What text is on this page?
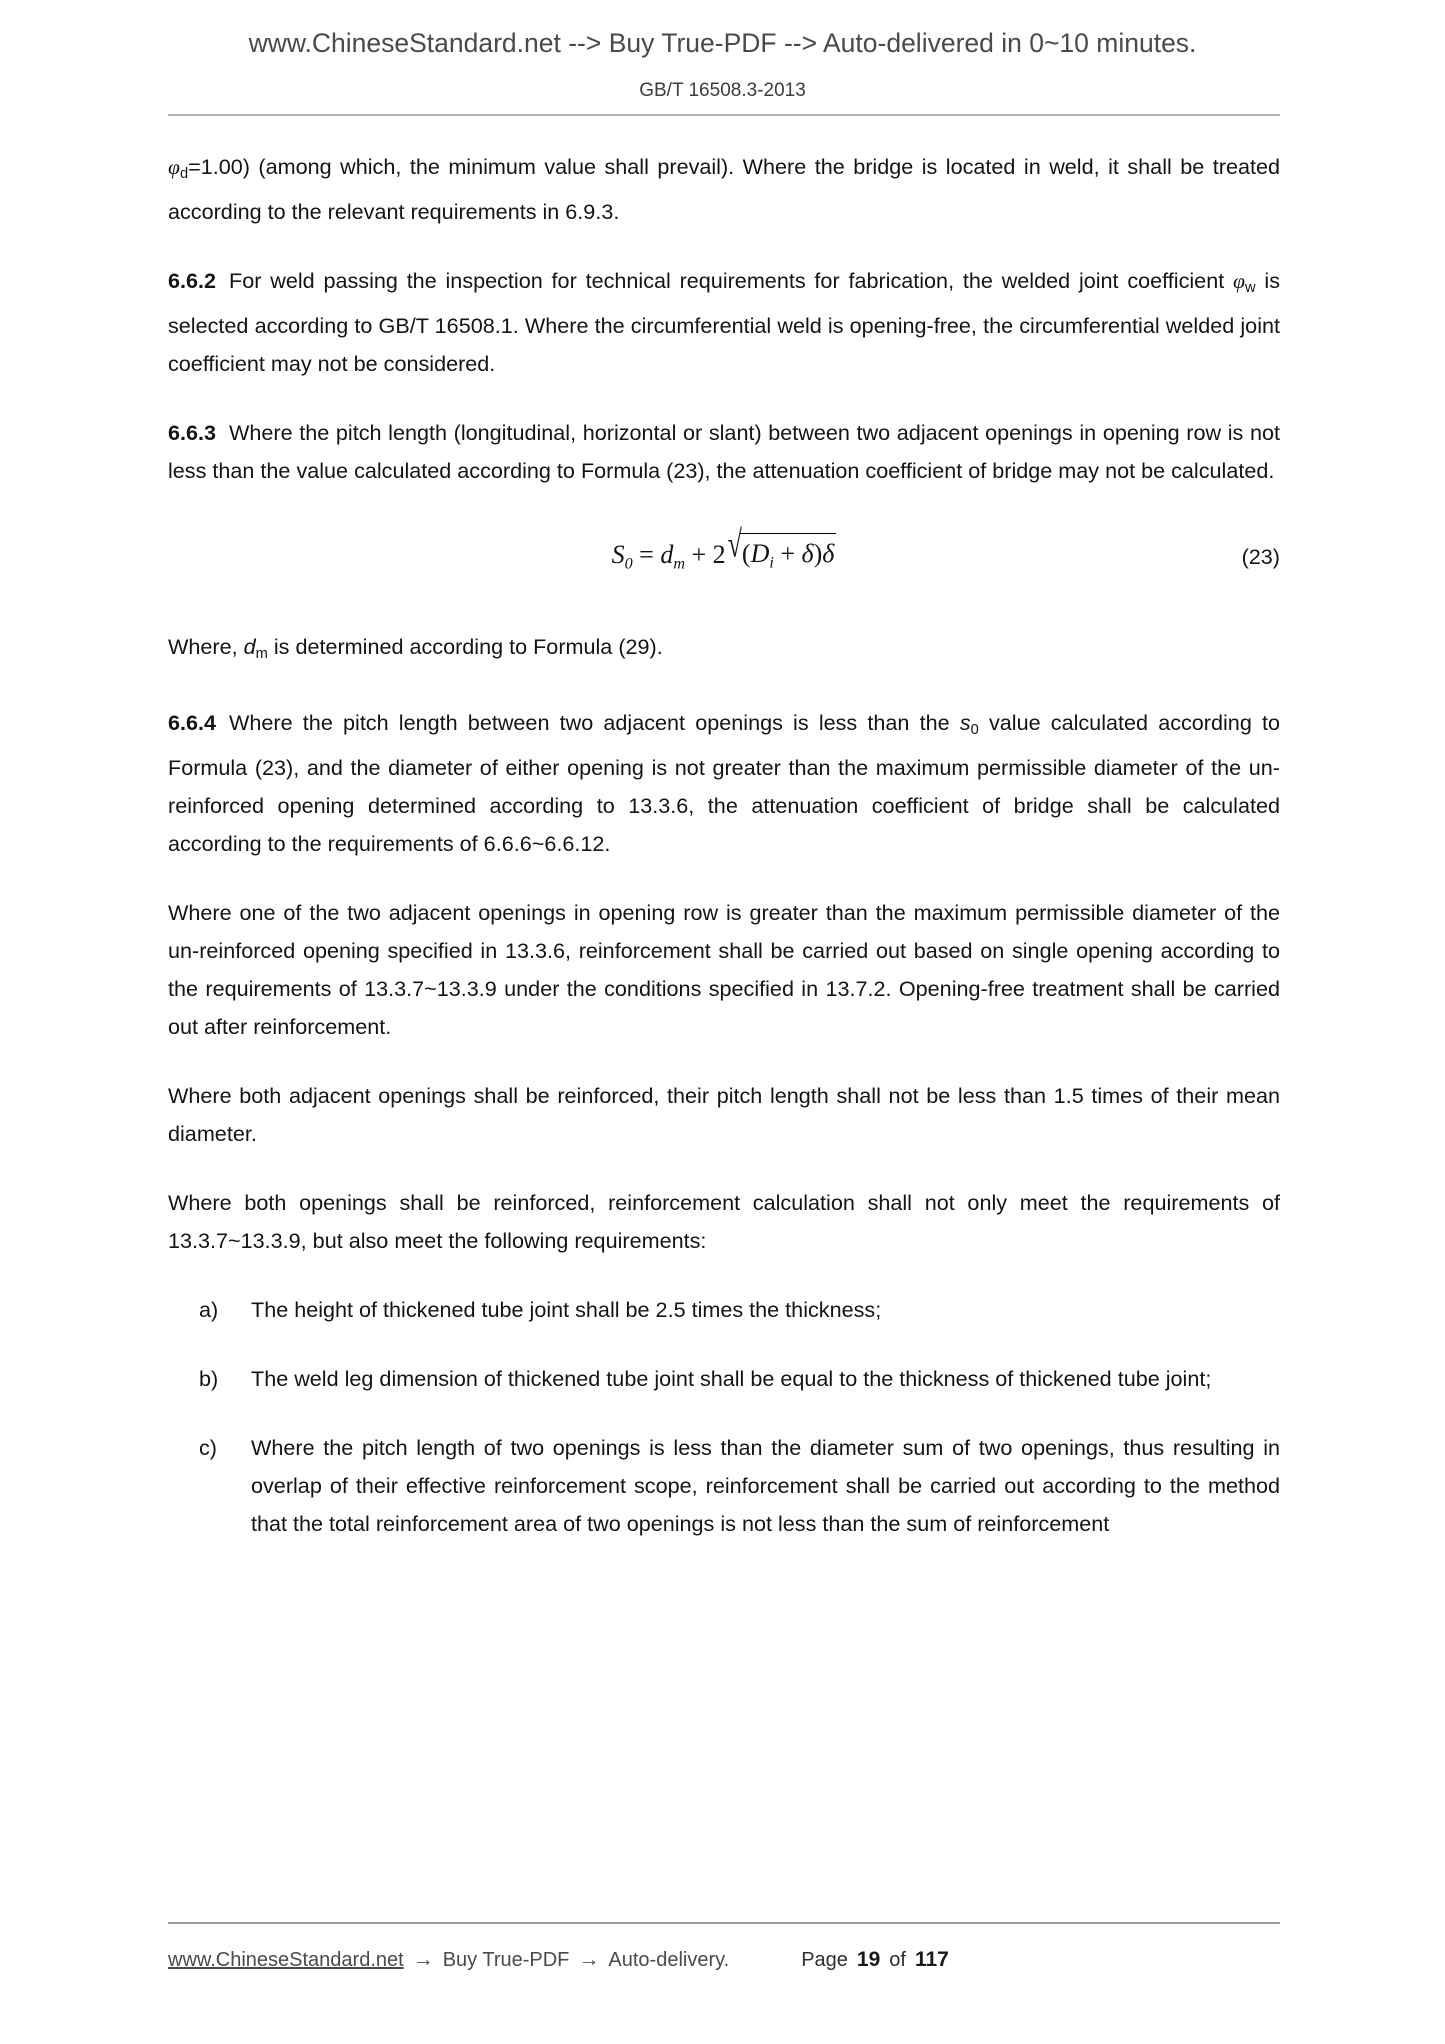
www.ChineseStandard.net --> Buy True-PDF --> Auto-delivered in 0~10 minutes.
GB/T 16508.3-2013

$\varphi_d=1.00$) (among which, the minimum value shall prevail). Where the bridge is located in weld, it shall be treated according to the relevant requirements in 6.9.3.

6.6.2 For weld passing the inspection for technical requirements for fabrication, the welded joint coefficient $\varphi_w$ is selected according to GB/T 16508.1. Where the circumferential weld is opening-free, the circumferential welded joint coefficient may not be considered.

6.6.3 Where the pitch length (longitudinal, horizontal or slant) between two adjacent openings in opening row is not less than the value calculated according to Formula (23), the attenuation coefficient of bridge may not be calculated.

$S_0 = d_m + 2√(D_i + \delta)\delta$	(23)

Where, $d_m$ is determined according to Formula (29).

6.6.4 Where the pitch length between two adjacent openings is less than the $s_0$ value calculated according to Formula (23), and the diameter of either opening is not greater than the maximum permissible diameter of the un-reinforced opening determined according to 13.3.6, the attenuation coefficient of bridge shall be calculated according to the requirements of 6.6.6~6.6.12.

Where one of the two adjacent openings in opening row is greater than the maximum permissible diameter of the un-reinforced opening specified in 13.3.6, reinforcement shall be carried out based on single opening according to the requirements of 13.3.7~13.3.9 under the conditions specified in 13.7.2. Opening-free treatment shall be carried out after reinforcement.

Where both adjacent openings shall be reinforced, their pitch length shall not be less than 1.5 times of their mean diameter.

Where both openings shall be reinforced, reinforcement calculation shall not only meet the requirements of 13.3.7~13.3.9, but also meet the following requirements:

a)	The height of thickened tube joint shall be 2.5 times the thickness;
b)	The weld leg dimension of thickened tube joint shall be equal to the thickness of thickened tube joint;
c)	Where the pitch length of two openings is less than the diameter sum of two openings, thus resulting in overlap of their effective reinforcement scope, reinforcement shall be carried out according to the method that the total reinforcement area of two openings is not less than the sum of reinforcement
www.ChineseStandard.net → Buy True-PDF → Auto-delivery.	Page 19 of 117
